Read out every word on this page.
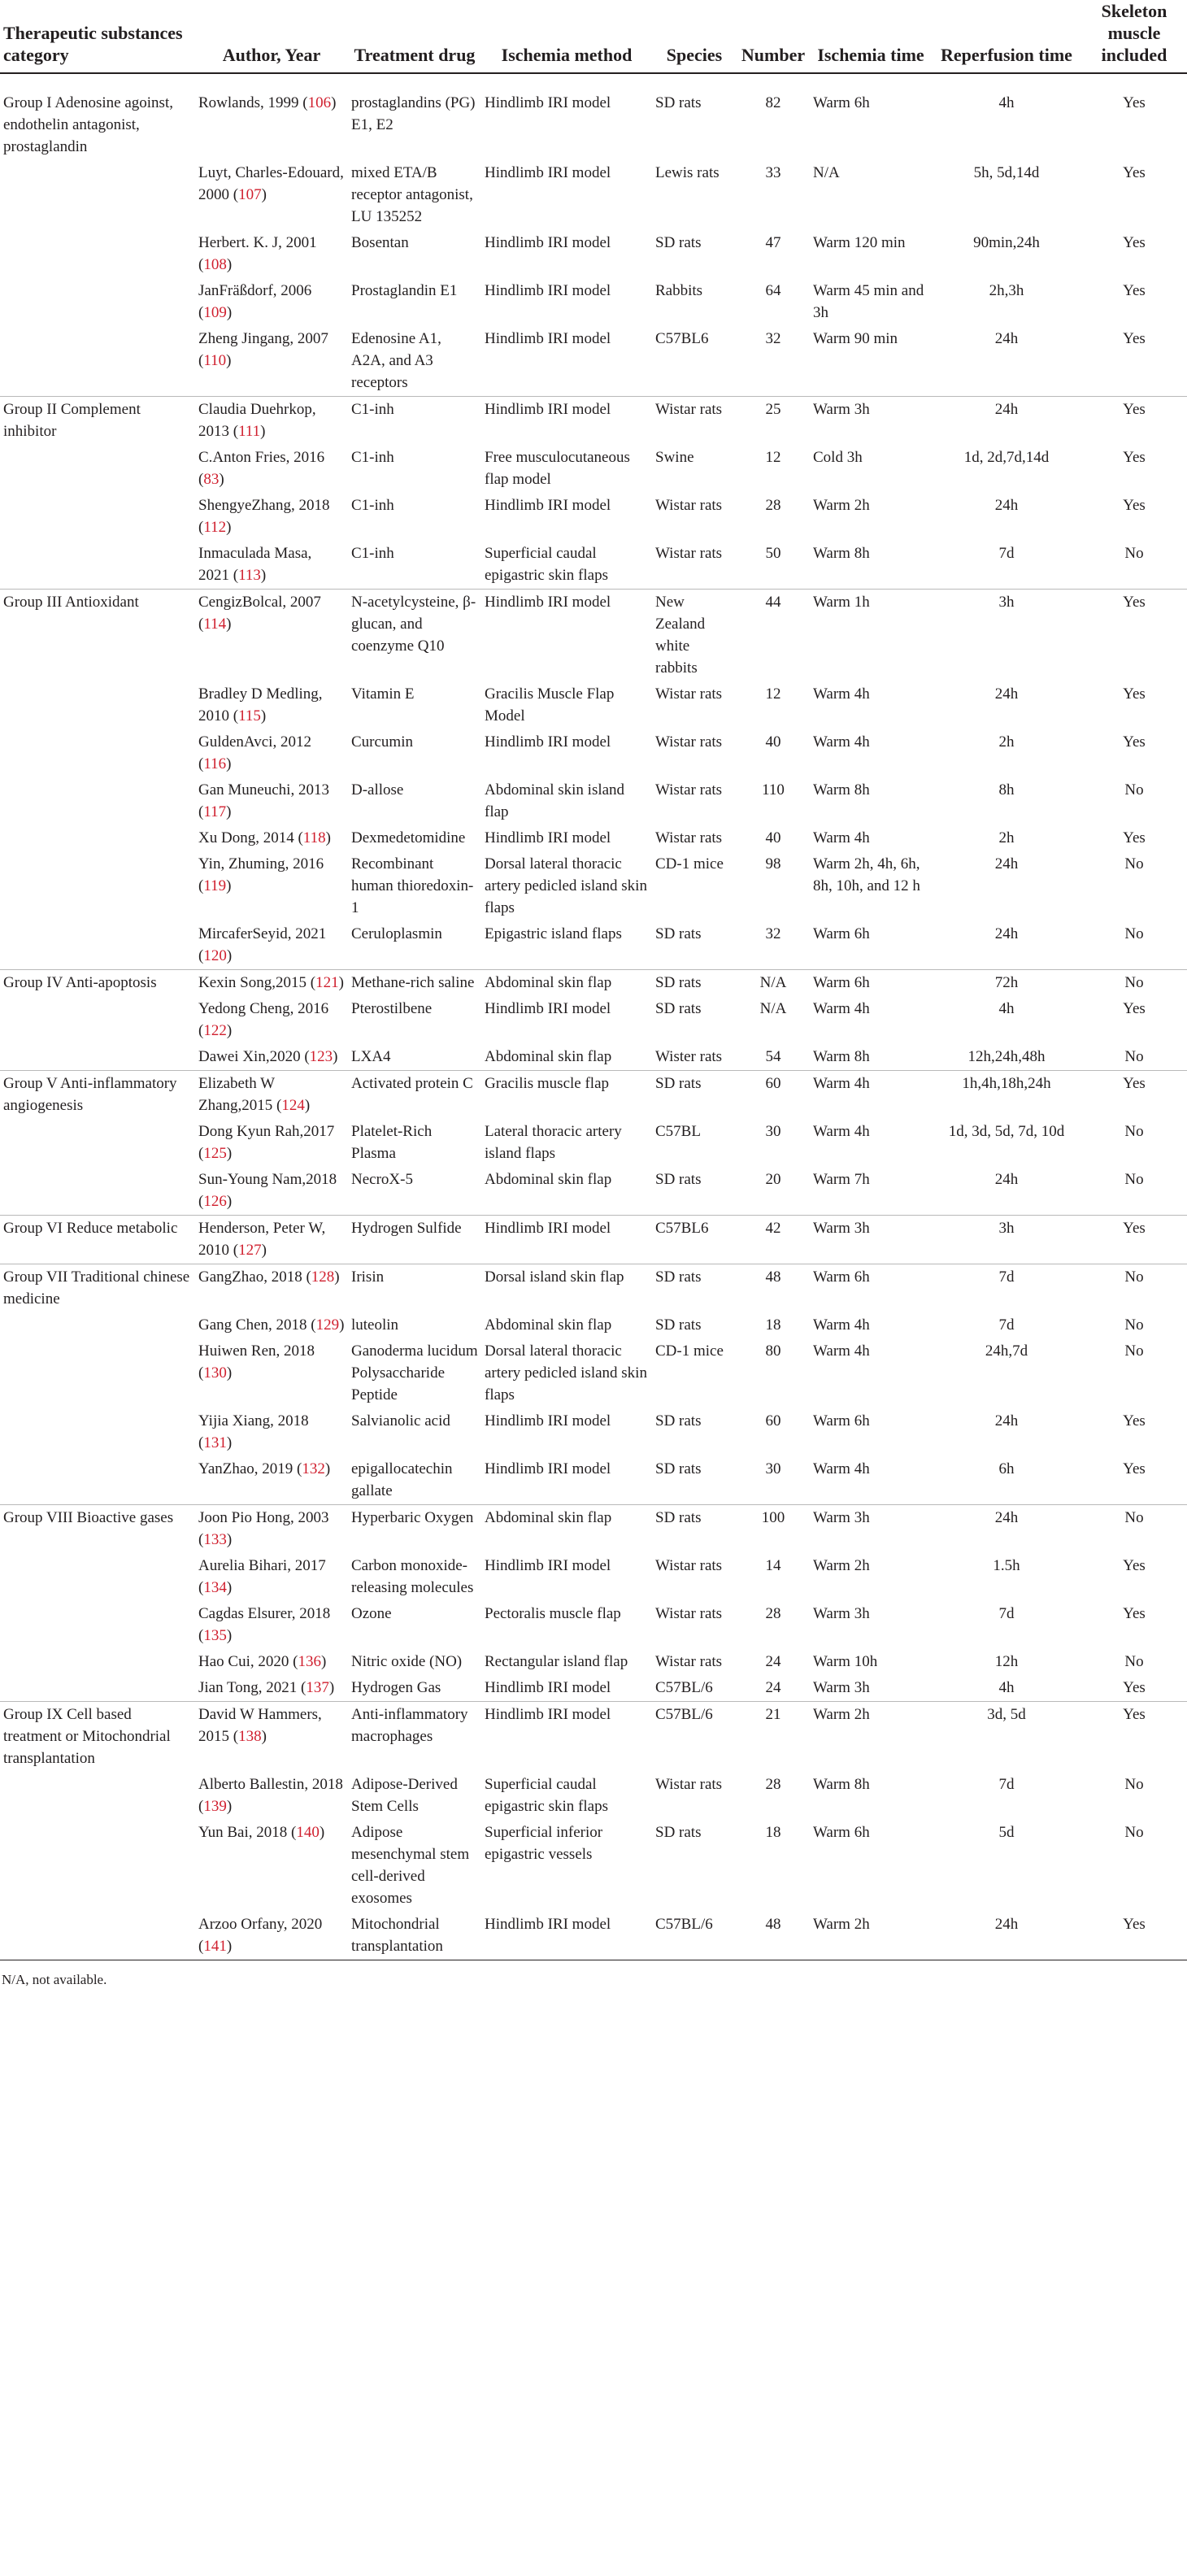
Therapeutic substances category	Author, Year	Treatment drug	Ischemia method	Species	Number	Ischemia time	Reperfusion time	Skeleton muscle included
Group I Adenosine agoinst, endothelin antagonist, prostaglandin	Rowlands, 1999 (106)	prostaglandins (PG) E1, E2	Hindlimb IRI model	SD rats	82	Warm 6h	4h	Yes
	Luyt, Charles-Edouard, 2000 (107)	mixed ETA/B receptor antagonist, LU 135252	Hindlimb IRI model	Lewis rats	33	N/A	5h, 5d,14d	Yes
	Herbert. K. J, 2001 (108)	Bosentan	Hindlimb IRI model	SD rats	47	Warm 120 min	90min,24h	Yes
	JanFräßdorf, 2006 (109)	Prostaglandin E1	Hindlimb IRI model	Rabbits	64	Warm 45 min and 3h	2h,3h	Yes
	Zheng Jingang, 2007 (110)	Edenosine A1, A2A, and A3 receptors	Hindlimb IRI model	C57BL6	32	Warm 90 min	24h	Yes
Group II Complement inhibitor	Claudia Duehrkop, 2013 (111)	C1-inh	Hindlimb IRI model	Wistar rats	25	Warm 3h	24h	Yes
	C.Anton Fries, 2016 (83)	C1-inh	Free musculocutaneous flap model	Swine	12	Cold 3h	1d, 2d,7d,14d	Yes
	ShengyeZhang, 2018 (112)	C1-inh	Hindlimb IRI model	Wistar rats	28	Warm 2h	24h	Yes
	Inmaculada Masa, 2021 (113)	C1-inh	Superficial caudal epigastric skin flaps	Wistar rats	50	Warm 8h	7d	No
Group III Antioxidant	CengizBolcal, 2007 (114)	N-acetylcysteine, β-glucan, and coenzyme Q10	Hindlimb IRI model	New Zealand white rabbits	44	Warm 1h	3h	Yes
	Bradley D Medling, 2010 (115)	Vitamin E	Gracilis Muscle Flap Model	Wistar rats	12	Warm 4h	24h	Yes
	GuldenAvci, 2012 (116)	Curcumin	Hindlimb IRI model	Wistar rats	40	Warm 4h	2h	Yes
	Gan Muneuchi, 2013 (117)	D-allose	Abdominal skin island flap	Wistar rats	110	Warm 8h	8h	No
	Xu Dong, 2014 (118)	Dexmedetomidine	Hindlimb IRI model	Wistar rats	40	Warm 4h	2h	Yes
	Yin, Zhuming, 2016 (119)	Recombinant human thioredoxin-1	Dorsal lateral thoracic artery pedicled island skin flaps	CD-1 mice	98	Warm 2h, 4h, 6h, 8h, 10h, and 12 h	24h	No
	MircaferSeyid, 2021 (120)	Ceruloplasmin	Epigastric island flaps	SD rats	32	Warm 6h	24h	No
Group IV Anti-apoptosis	Kexin Song,2015 (121)	Methane-rich saline	Abdominal skin flap	SD rats	N/A	Warm 6h	72h	No
	Yedong Cheng, 2016 (122)	Pterostilbene	Hindlimb IRI model	SD rats	N/A	Warm 4h	4h	Yes
	Dawei Xin,2020 (123)	LXA4	Abdominal skin flap	Wister rats	54	Warm 8h	12h,24h,48h	No
Group V Anti-inflammatory angiogenesis	Elizabeth W Zhang,2015 (124)	Activated protein C	Gracilis muscle flap	SD rats	60	Warm 4h	1h,4h,18h,24h	Yes
	Dong Kyun Rah,2017 (125)	Platelet-Rich Plasma	Lateral thoracic artery island flaps	C57BL	30	Warm 4h	1d, 3d, 5d, 7d, 10d	No
	Sun-Young Nam,2018 (126)	NecroX-5	Abdominal skin flap	SD rats	20	Warm 7h	24h	No
Group VI Reduce metabolic	Henderson, Peter W, 2010 (127)	Hydrogen Sulfide	Hindlimb IRI model	C57BL6	42	Warm 3h	3h	Yes
Group VII Traditional chinese medicine	GangZhao, 2018 (128)	Irisin	Dorsal island skin flap	SD rats	48	Warm 6h	7d	No
	Gang Chen, 2018 (129)	luteolin	Abdominal skin flap	SD rats	18	Warm 4h	7d	No
	Huiwen Ren, 2018 (130)	Ganoderma lucidum Polysaccharide Peptide	Dorsal lateral thoracic artery pedicled island skin flaps	CD-1 mice	80	Warm 4h	24h,7d	No
	Yijia Xiang, 2018 (131)	Salvianolic acid	Hindlimb IRI model	SD rats	60	Warm 6h	24h	Yes
	YanZhao, 2019 (132)	epigallocatechin gallate	Hindlimb IRI model	SD rats	30	Warm 4h	6h	Yes
Group VIII Bioactive gases	Joon Pio Hong, 2003 (133)	Hyperbaric Oxygen	Abdominal skin flap	SD rats	100	Warm 3h	24h	No
	Aurelia Bihari, 2017 (134)	Carbon monoxide-releasing molecules	Hindlimb IRI model	Wistar rats	14	Warm 2h	1.5h	Yes
	Cagdas Elsurer, 2018 (135)	Ozone	Pectoralis muscle flap	Wistar rats	28	Warm 3h	7d	Yes
	Hao Cui, 2020 (136)	Nitric oxide (NO)	Rectangular island flap	Wistar rats	24	Warm 10h	12h	No
	Jian Tong, 2021 (137)	Hydrogen Gas	Hindlimb IRI model	C57BL/6	24	Warm 3h	4h	Yes
Group IX Cell based treatment or Mitochondrial transplantation	David W Hammers, 2015 (138)	Anti-inflammatory macrophages	Hindlimb IRI model	C57BL/6	21	Warm 2h	3d, 5d	Yes
	Alberto Ballestin, 2018 (139)	Adipose-Derived Stem Cells	Superficial caudal epigastric skin flaps	Wistar rats	28	Warm 8h	7d	No
	Yun Bai, 2018 (140)	Adipose mesenchymal stem cell-derived exosomes	Superficial inferior epigastric vessels	SD rats	18	Warm 6h	5d	No
	Arzoo Orfany, 2020 (141)	Mitochondrial transplantation	Hindlimb IRI model	C57BL/6	48	Warm 2h	24h	Yes

N/A, not available.
